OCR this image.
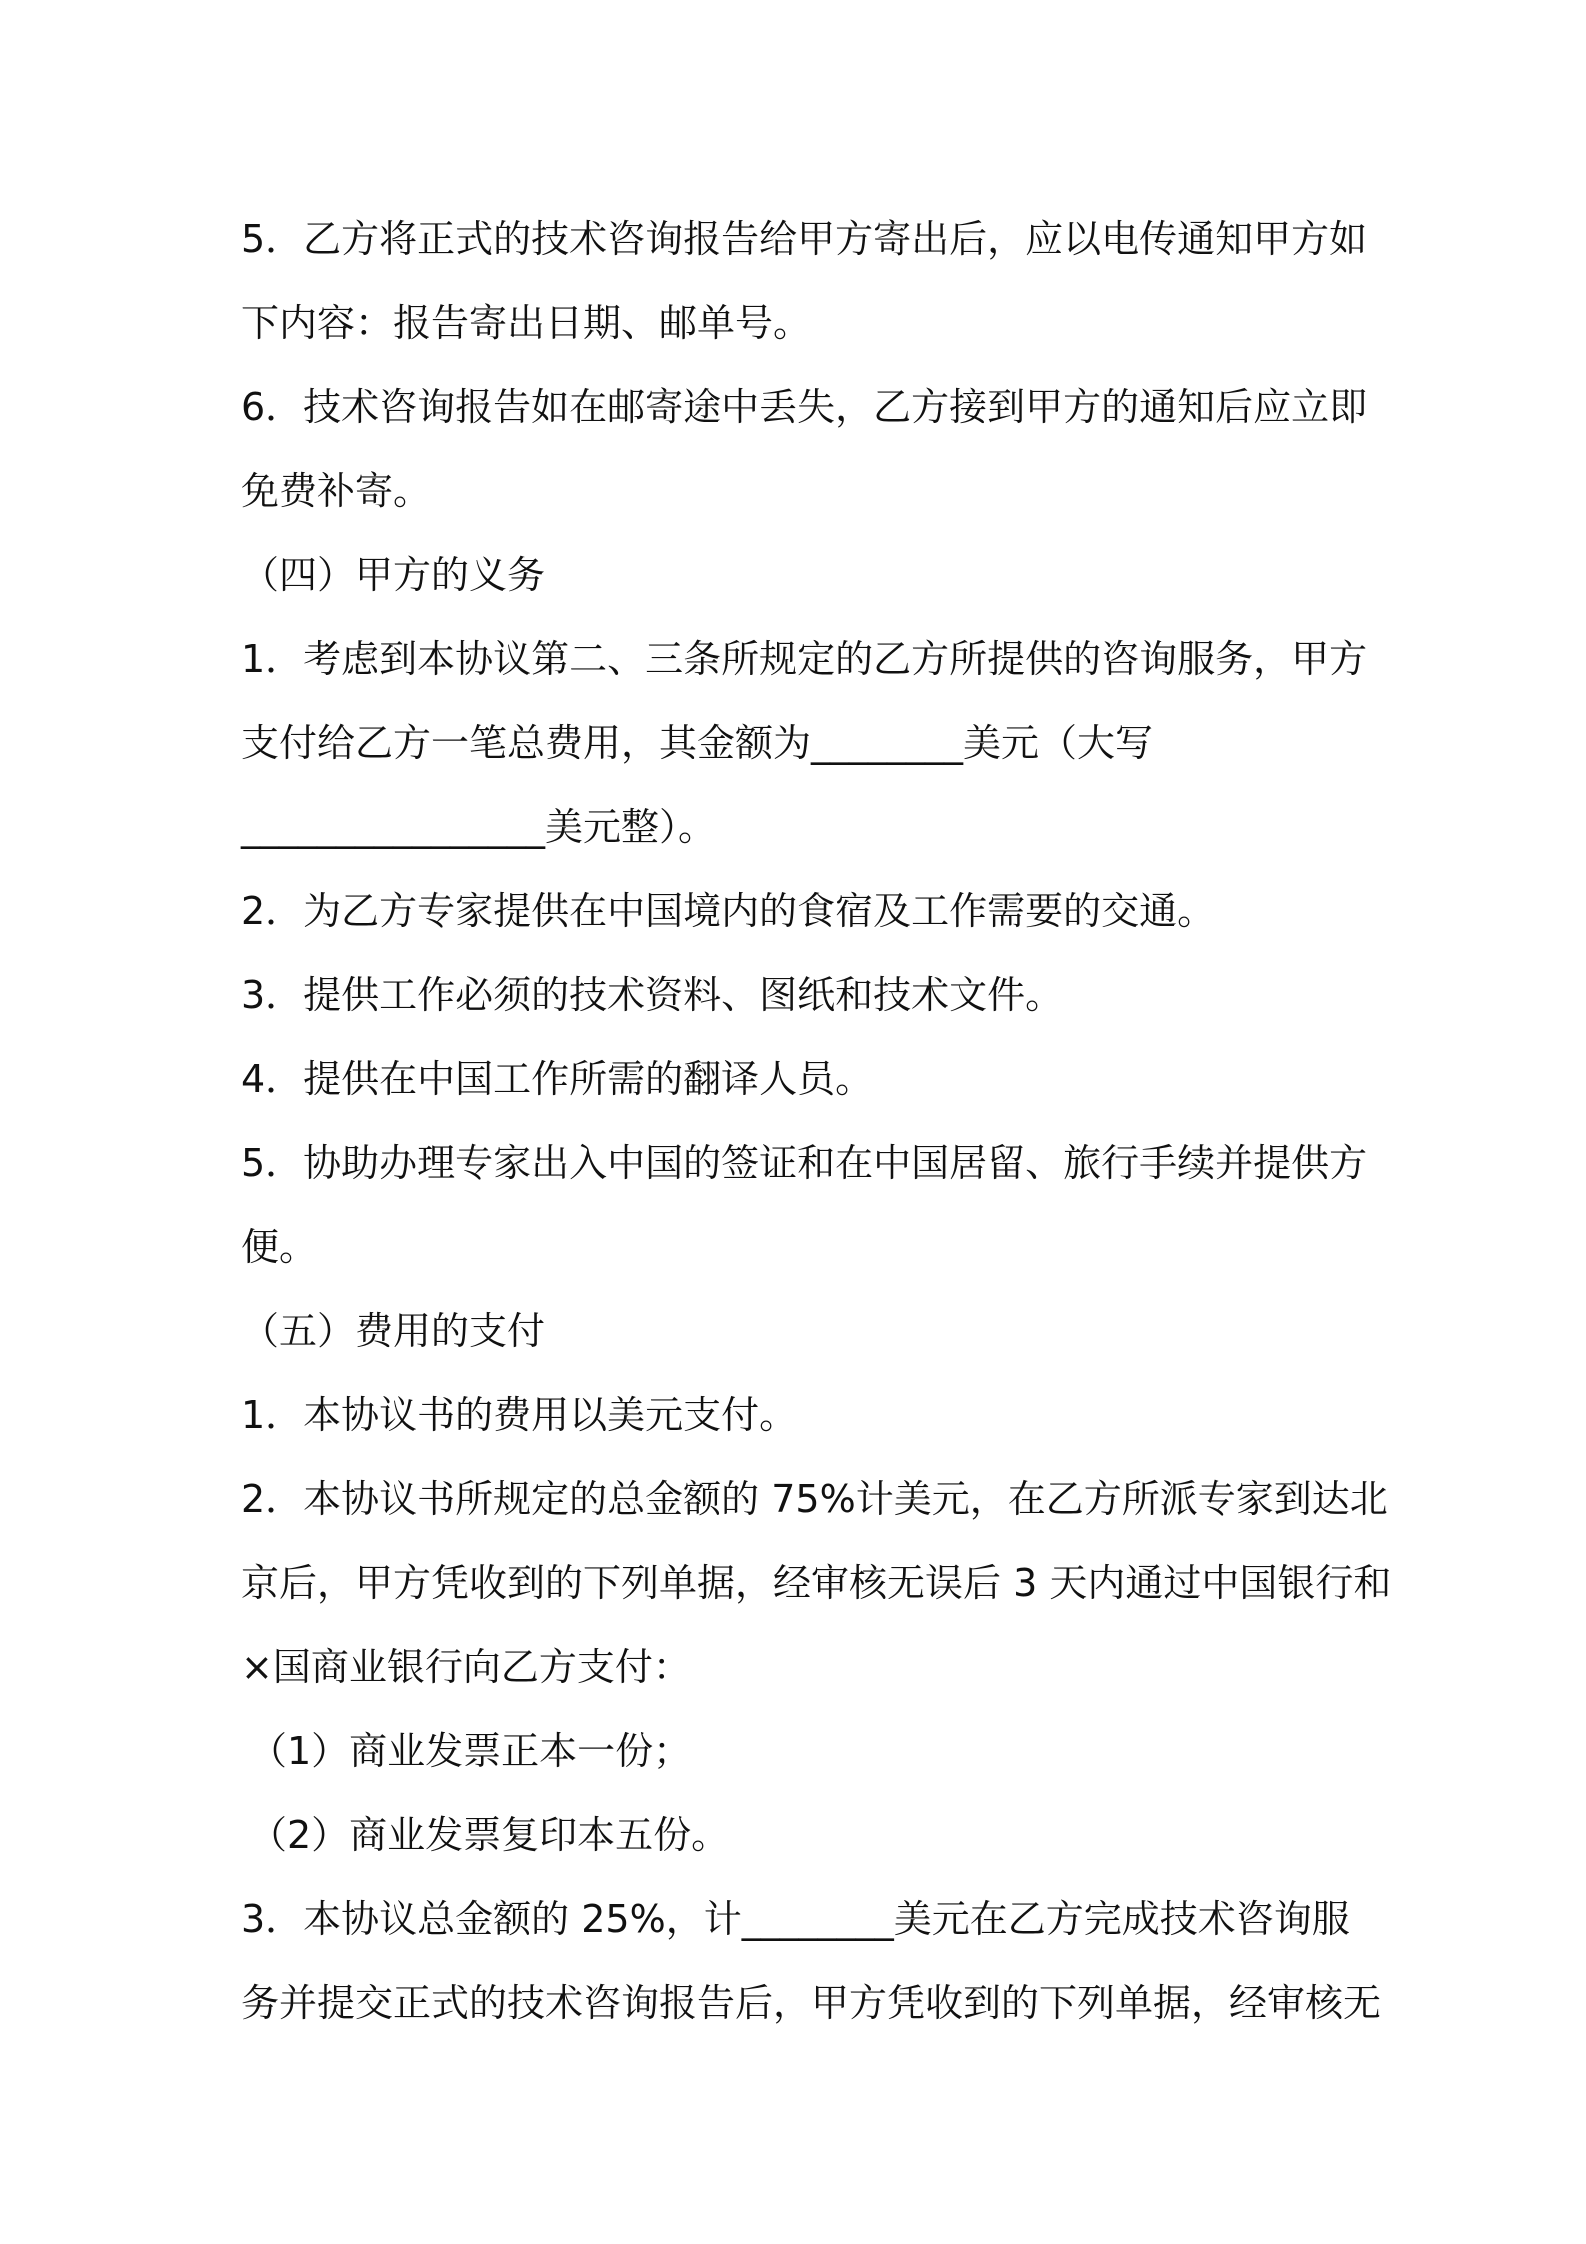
5．乙方将正式的技术咨询报告给甲方寄出后，应以电传通知甲方如

下内容：报告寄出日期、邮单号。

6．技术咨询报告如在邮寄途中丢失，乙方接到甲方的通知后应立即

免费补寄。

（四）甲方的义务

1．考虑到本协议第二、三条所规定的乙方所提供的咨询服务，甲方

支付给乙方一笔总费用，其金额为________美元（大写

________________美元整）。

2．为乙方专家提供在中国境内的食宿及工作需要的交通。

3．提供工作必须的技术资料、图纸和技术文件。

4．提供在中国工作所需的翻译人员。

5．协助办理专家出入中国的签证和在中国居留、旅行手续并提供方

便。

（五）费用的支付

1．本协议书的费用以美元支付。

2．本协议书所规定的总金额的 75%计美元，在乙方所派专家到达北

京后，甲方凭收到的下列单据，经审核无误后 3 天内通过中国银行和

×国商业银行向乙方支付：

（1）商业发票正本一份；

（2）商业发票复印本五份。

3．本协议总金额的 25%，计________美元在乙方完成技术咨询服

务并提交正式的技术咨询报告后，甲方凭收到的下列单据，经审核无
